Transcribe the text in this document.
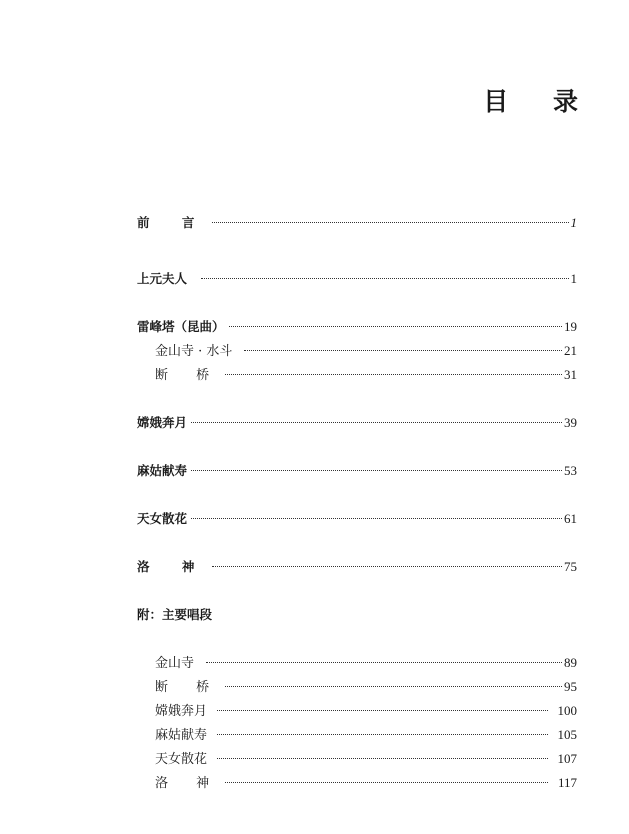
目 录
前 言	1
上元夫人	1
雷峰塔（昆曲）	19
金山寺 · 水斗	21
断 桥	31
嫦娥奔月	39
麻姑献寿	53
天女散花	61
洛 神	75
附：主要唱段
金山寺	89
断 桥	95
嫦娥奔月	100
麻姑献寿	105
天女散花	107
洛 神	117
